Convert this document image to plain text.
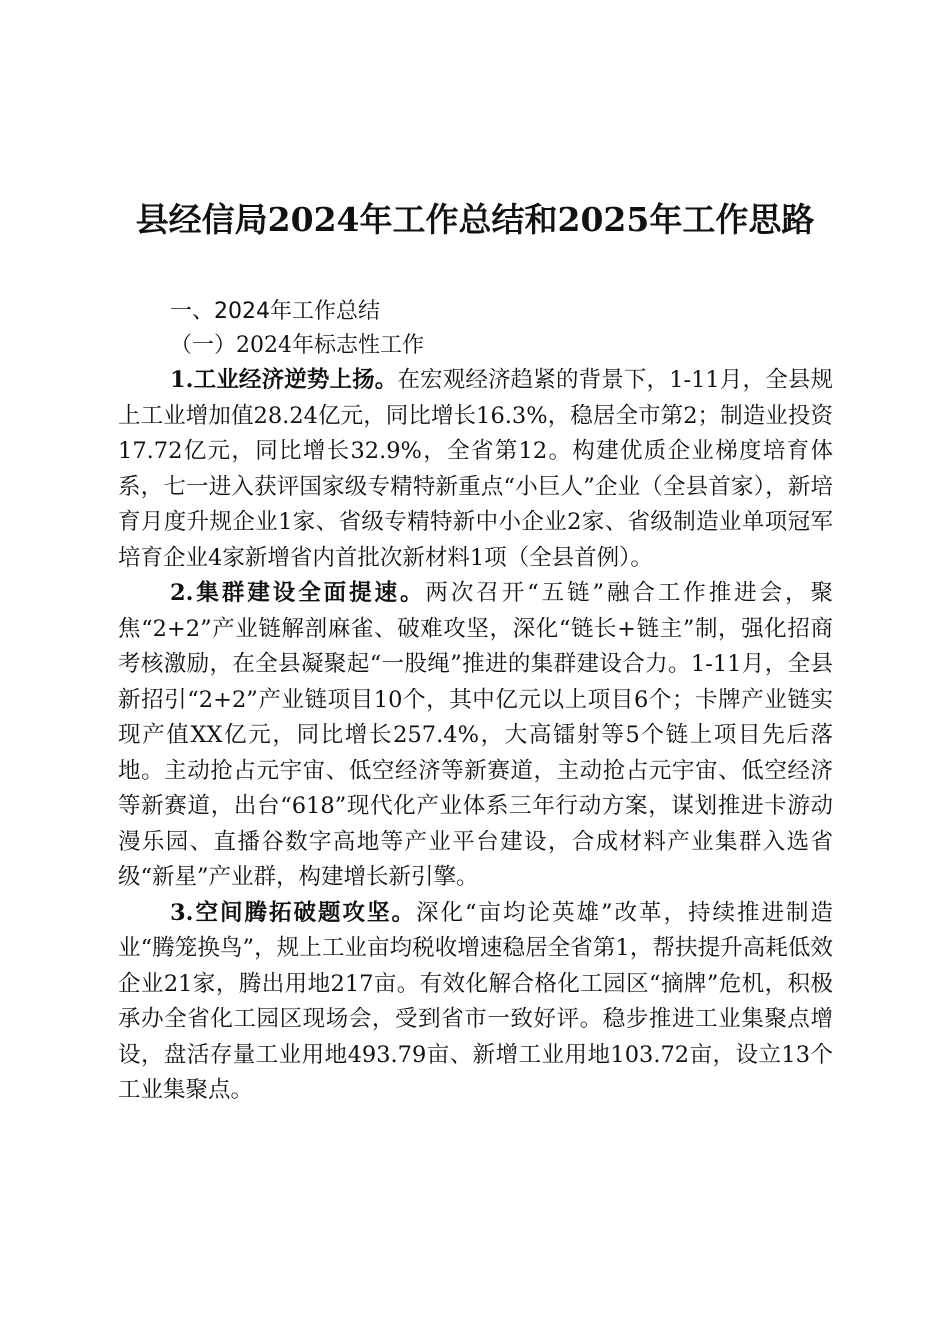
县经信局2024年工作总结和2025年工作思路

一、2024年工作总结

（一）2024年标志性工作

1.工业经济逆势上扬。在宏观经济趋紧的背景下，1-11月，全县规上工业增加值28.24亿元，同比增长16.3%，稳居全市第2；制造业投资17.72亿元，同比增长32.9%，全省第12。构建优质企业梯度培育体系，七一进入获评国家级专精特新重点“小巨人”企业（全县首家），新培育月度升规企业1家、省级专精特新中小企业2家、省级制造业单项冠军培育企业4家新增省内首批次新材料1项（全县首例）。

2.集群建设全面提速。两次召开“五链”融合工作推进会，聚焦“2+2”产业链解剖麻雀、破难攻坚，深化“链长+链主”制，强化招商考核激励，在全县凝聚起“一股绳”推进的集群建设合力。1-11月，全县新招引“2+2”产业链项目10个，其中亿元以上项目6个；卡牌产业链实现产值XX亿元，同比增长257.4%，大高镭射等5个链上项目先后落地。主动抢占元宇宙、低空经济等新赛道，主动抢占元宇宙、低空经济等新赛道，出台“618”现代化产业体系三年行动方案，谋划推进卡游动漫乐园、直播谷数字高地等产业平台建设，合成材料产业集群入选省级“新星”产业群，构建增长新引擎。

3.空间腾拓破题攻坚。深化“亩均论英雄”改革，持续推进制造业“腾笼换鸟”，规上工业亩均税收增速稳居全省第1，帮扶提升高耗低效企业21家，腾出用地217亩。有效化解合格化工园区“摘牌”危机，积极承办全省化工园区现场会，受到省市一致好评。稳步推进工业集聚点增设，盘活存量工业用地493.79亩、新增工业用地103.72亩，设立13个工业集聚点。
